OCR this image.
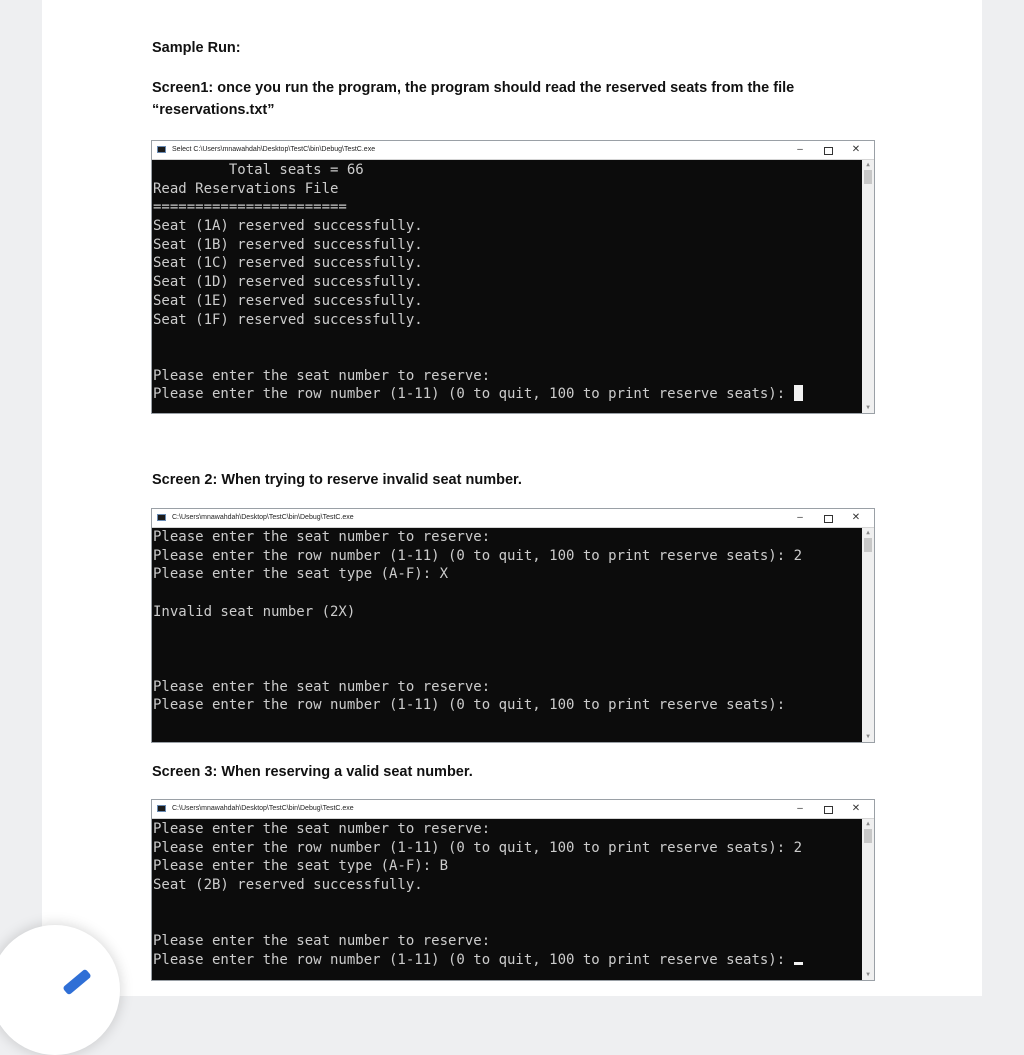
Sample Run:
Screen1: once you run the program, the program should read the reserved seats from the file
“reservations.txt”
Select C:\Users\mnawahdah\Desktop\TestC\bin\Debug\TestC.exe	–	✕
Total seats = 66
Read Reservations File
=======================
Seat (1A) reserved successfully.
Seat (1B) reserved successfully.
Seat (1C) reserved successfully.
Seat (1D) reserved successfully.
Seat (1E) reserved successfully.
Seat (1F) reserved successfully.
Please enter the seat number to reserve:
Please enter the row number (1-11) (0 to quit, 100 to print reserve seats):
▲
▼
Screen 2: When trying to reserve invalid seat number.
C:\Users\mnawahdah\Desktop\TestC\bin\Debug\TestC.exe	–	✕
Please enter the seat number to reserve:
Please enter the row number (1-11) (0 to quit, 100 to print reserve seats): 2
Please enter the seat type (A-F): X
Invalid seat number (2X)
Please enter the seat number to reserve:
Please enter the row number (1-11) (0 to quit, 100 to print reserve seats):
▲
▼
Screen 3: When reserving a valid seat number.
C:\Users\mnawahdah\Desktop\TestC\bin\Debug\TestC.exe	–	✕
Please enter the seat number to reserve:
Please enter the row number (1-11) (0 to quit, 100 to print reserve seats): 2
Please enter the seat type (A-F): B
Seat (2B) reserved successfully.
Please enter the seat number to reserve:
Please enter the row number (1-11) (0 to quit, 100 to print reserve seats):
▲
▼
